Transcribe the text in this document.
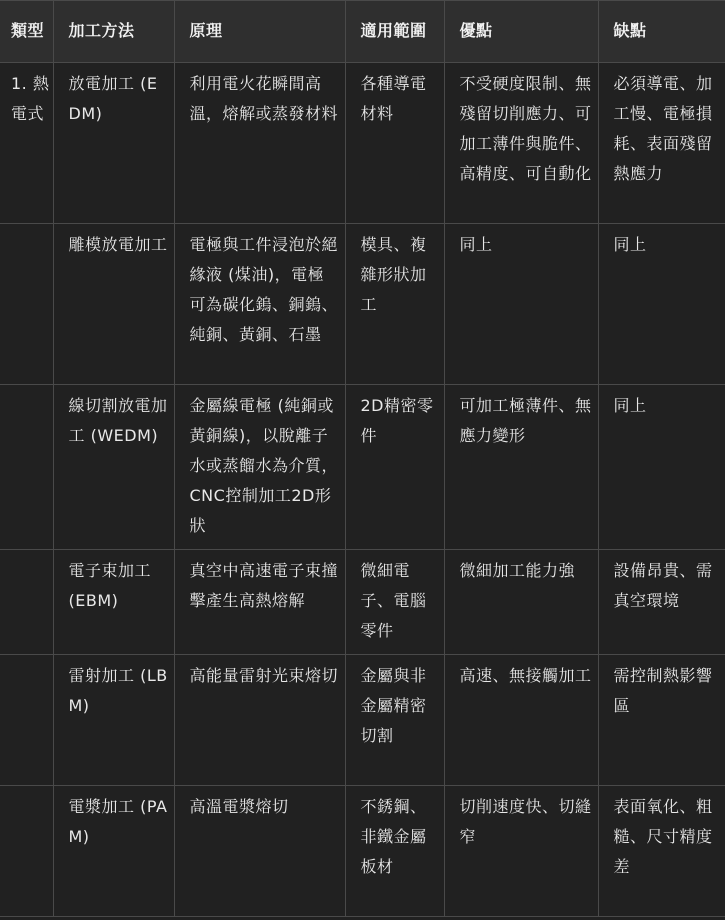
類型	加工方法	原理	適用範圍	優點	缺點
1. 熱電式	放電加工 (EDM)	利用電火花瞬間高溫，熔解或蒸發材料	各種導電材料	不受硬度限制、無殘留切削應力、可加工薄件與脆件、高精度、可自動化	必須導電、加工慢、電極損耗、表面殘留熱應力
	雕模放電加工	電極與工件浸泡於絕緣液 (煤油)，電極可為碳化鎢、銅鎢、純銅、黃銅、石墨	模具、複雜形狀加工	同上	同上
	線切割放電加工 (WEDM)	金屬線電極 (純銅或黃銅線)，以脫離子水或蒸餾水為介質，CNC控制加工2D形狀	2D精密零件	可加工極薄件、無應力變形	同上
	電子束加工 (EBM)	真空中高速電子束撞擊產生高熱熔解	微細電子、電腦零件	微細加工能力強	設備昂貴、需真空環境
	雷射加工 (LBM)	高能量雷射光束熔切	金屬與非金屬精密切割	高速、無接觸加工	需控制熱影響區
	電漿加工 (PAM)	高溫電漿熔切	不銹鋼、非鐵金屬板材	切削速度快、切縫窄	表面氧化、粗糙、尺寸精度差
